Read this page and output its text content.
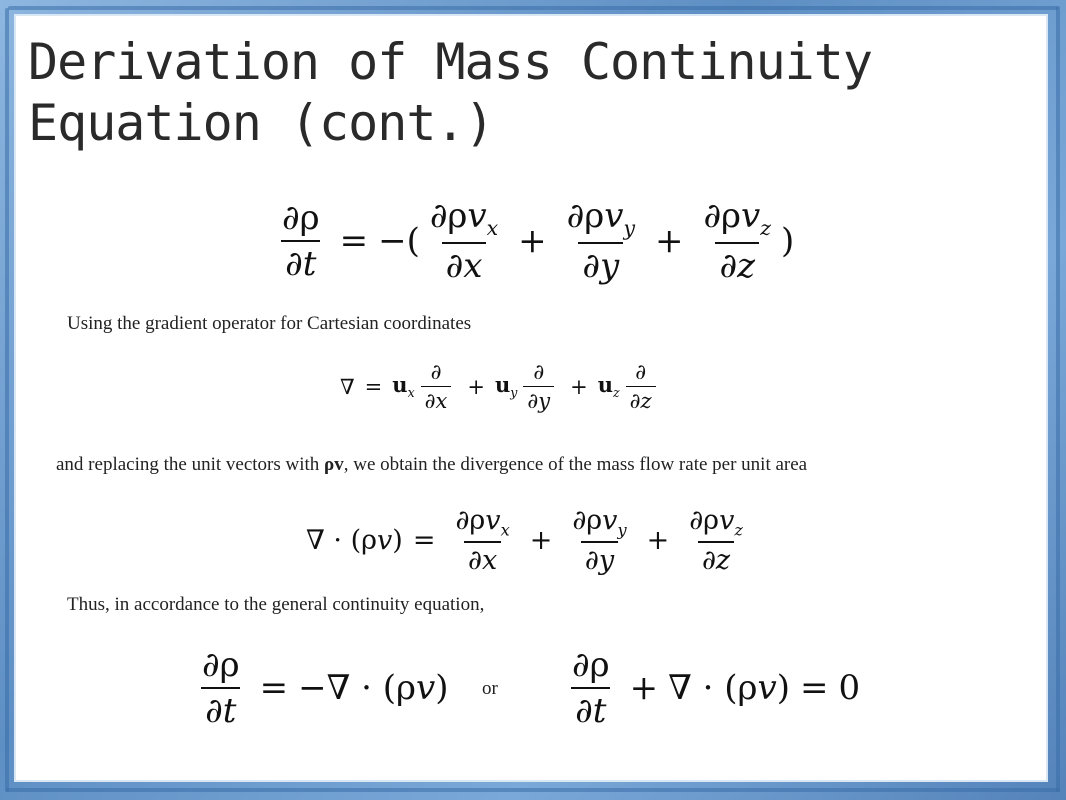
Derivation of Mass Continuity Equation (cont.)
$\frac{\partial\rho}{\partial t}$ = −( $\frac{\partial\rho v_x}{\partial x} + \frac{\partial\rho v_y}{\partial y} + \frac{\partial\rho v_z}{\partial z}$ )
Using the gradient operator for Cartesian coordinates
∇ = $u_x \frac{\partial}{\partial x} + u_y \frac{\partial}{\partial y} + u_z \frac{\partial}{\partial z}$
and replacing the unit vectors with ρv, we obtain the divergence of the mass flow rate per unit area
∇ · $(\rho v) = \frac{\partial\rho v_x}{\partial x} + \frac{\partial\rho v_y}{\partial y} + \frac{\partial\rho v_z}{\partial z}$
Thus, in accordance to the general continuity equation,
$\frac{\partial\rho}{\partial t}$ = −∇ · (ρv) or $\frac{\partial\rho}{\partial t}$ + ∇ · (ρv) = 0
